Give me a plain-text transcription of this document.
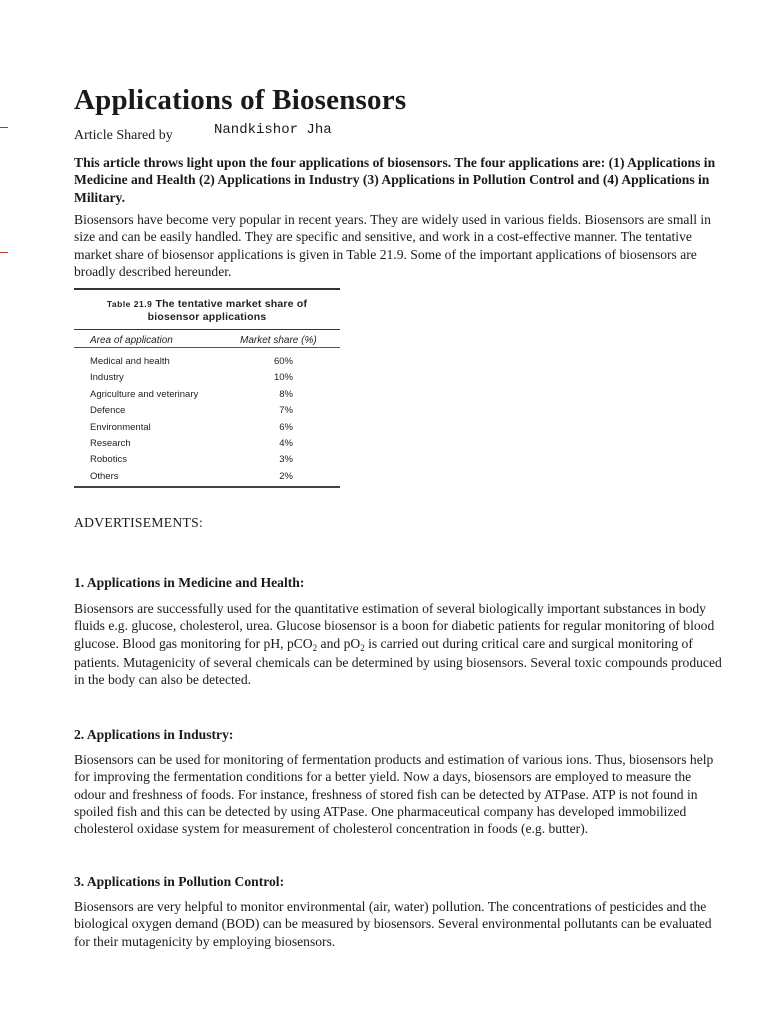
Applications of Biosensors
Article Shared by	Nandkishor Jha

This article throws light upon the four applications of biosensors. The four applications are: (1) Applications in Medicine and Health (2) Applications in Industry (3) Applications in Pollution Control and (4) Applications in Military.

Biosensors have become very popular in recent years. They are widely used in various fields. Biosensors are small in size and can be easily handled. They are specific and sensitive, and work in a cost-effective manner. The tentative market share of biosensor applications is given in Table 21.9. Some of the important applications of biosensors are broadly described hereunder.

Table 21.9 The tentative market share of
biosensor applications
Area of application	Market share (%)
Medical and health	60%
Industry	10%
Agriculture and veterinary	8%
Defence	7%
Environmental	6%
Research	4%
Robotics	3%
Others	2%
ADVERTISEMENTS:
1. Applications in Medicine and Health:

Biosensors are successfully used for the quantitative estimation of several biologically important substances in body fluids e.g. glucose, cholesterol, urea. Glucose biosensor is a boon for diabetic patients for regular monitoring of blood glucose. Blood gas monitoring for pH, pCO$_2$ and $pO_2$ is carried out during critical care and surgical monitoring of patients. Mutagenicity of several chemicals can be determined by using biosensors. Several toxic compounds produced in the body can also be detected.

2. Applications in Industry:

Biosensors can be used for monitoring of fermentation products and estimation of various ions. Thus, biosensors help for improving the fermentation conditions for a better yield. Now a days, biosensors are employed to measure the odour and freshness of foods. For instance, freshness of stored fish can be detected by ATPase. ATP is not found in spoiled fish and this can be detected by using ATPase. One pharmaceutical company has developed immobilized cholesterol oxidase system for measurement of cholesterol concentration in foods (e.g. butter).

3. Applications in Pollution Control:

Biosensors are very helpful to monitor environmental (air, water) pollution. The concentrations of pesticides and the biological oxygen demand (BOD) can be measured by biosensors. Several environmental pollutants can be evaluated for their mutagenicity by employing biosensors.
